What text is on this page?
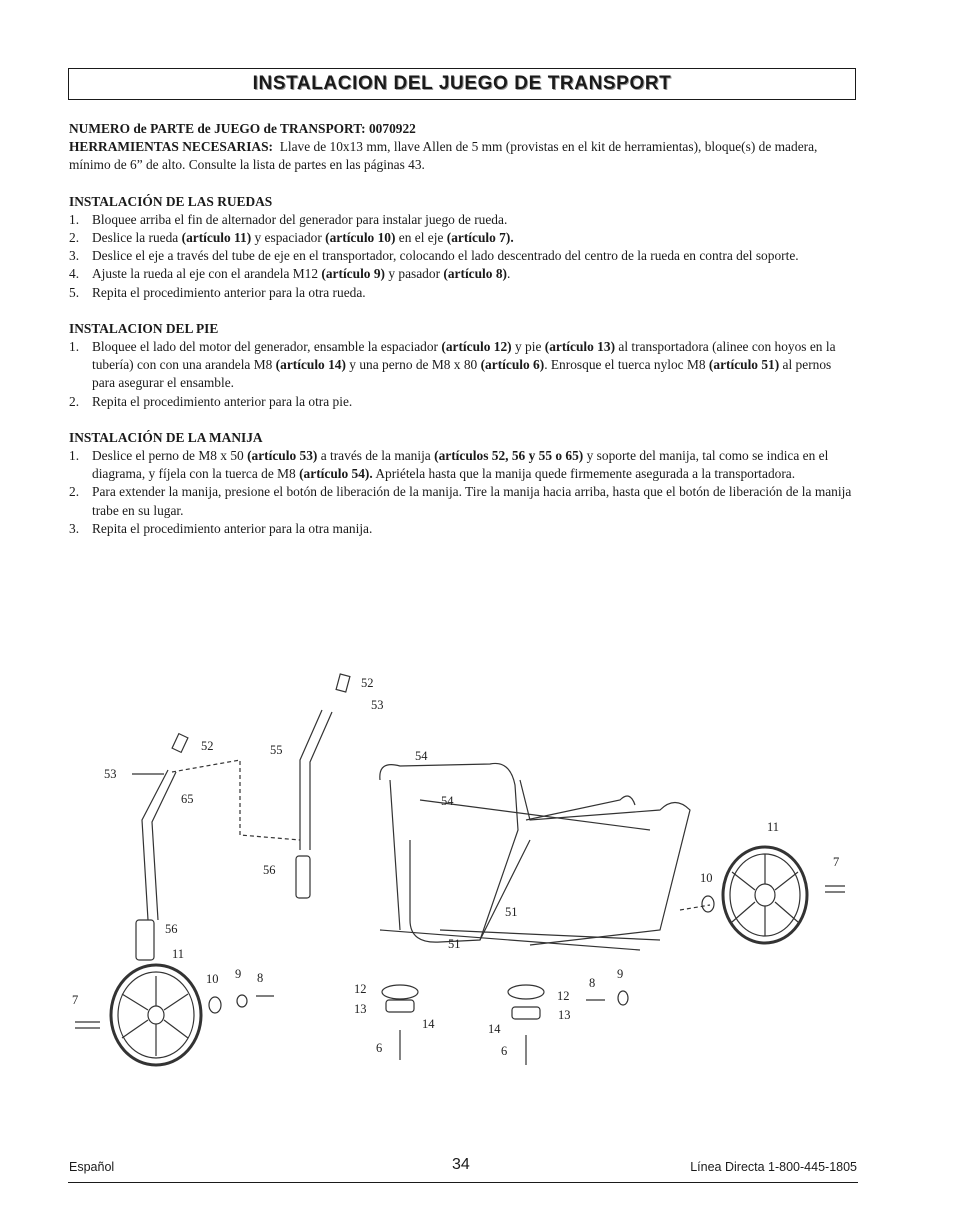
INSTALACION DEL JUEGO DE TRANSPORT

NUMERO de PARTE de JUEGO de TRANSPORT: 0070922

HERRAMIENTAS NECESARIAS: Llave de 10x13 mm, llave Allen de 5 mm (provistas en el kit de herramientas), bloque(s) de madera, mínimo de 6” de alto. Consulte la lista de partes en las páginas 43.

INSTALACIÓN DE LAS RUEDAS
1. Bloquee arriba el fin de alternador del generador para instalar juego de rueda.
2. Deslice la rueda (artículo 11) y espaciador (artículo 10) en el eje (artículo 7).
3. Deslice el eje a través del tube de eje en el transportador, colocando el lado descentrado del centro de la rueda en contra del soporte.
4. Ajuste la rueda al eje con el arandela M12 (artículo 9) y pasador (artículo 8).
5. Repita el procedimiento anterior para la otra rueda.
INSTALACION DEL PIE
1. Bloquee el lado del motor del generador, ensamble la espaciador (artículo 12) y pie (artículo 13) al transportadora (alinee con hoyos en la tubería) con con una arandela M8 (artículo 14) y una perno de M8 x 80 (artículo 6). Enrosque el tuerca nyloc M8 (artículo 51) al pernos para asegurar el ensamble.
2. Repita el procedimiento anterior para la otra pie.
INSTALACIÓN DE LA MANIJA
1. Deslice el perno de M8 x 50 (artículo 53) a través de la manija (artículos 52, 56 y 55 o 65) y soporte del manija, tal como se indica en el diagrama, y fíjela con la tuerca de M8 (artículo 54). Apriétela hasta que la manija quede firmemente asegurada a la transportadora.
2. Para extender la manija, presione el botón de liberación de la manija. Tire la manija hacia arriba, hasta que el botón de liberación de la manija trabe en su lugar.
3. Repita el procedimiento anterior para la otra manija.
52
53
55
52
53
65
54
54
56
56
11
7
10
51
51
11
10 9 8
7
12
13
14
6
8
9
12
13
14
6
Español	34	Línea Directa 1-800-445-1805
